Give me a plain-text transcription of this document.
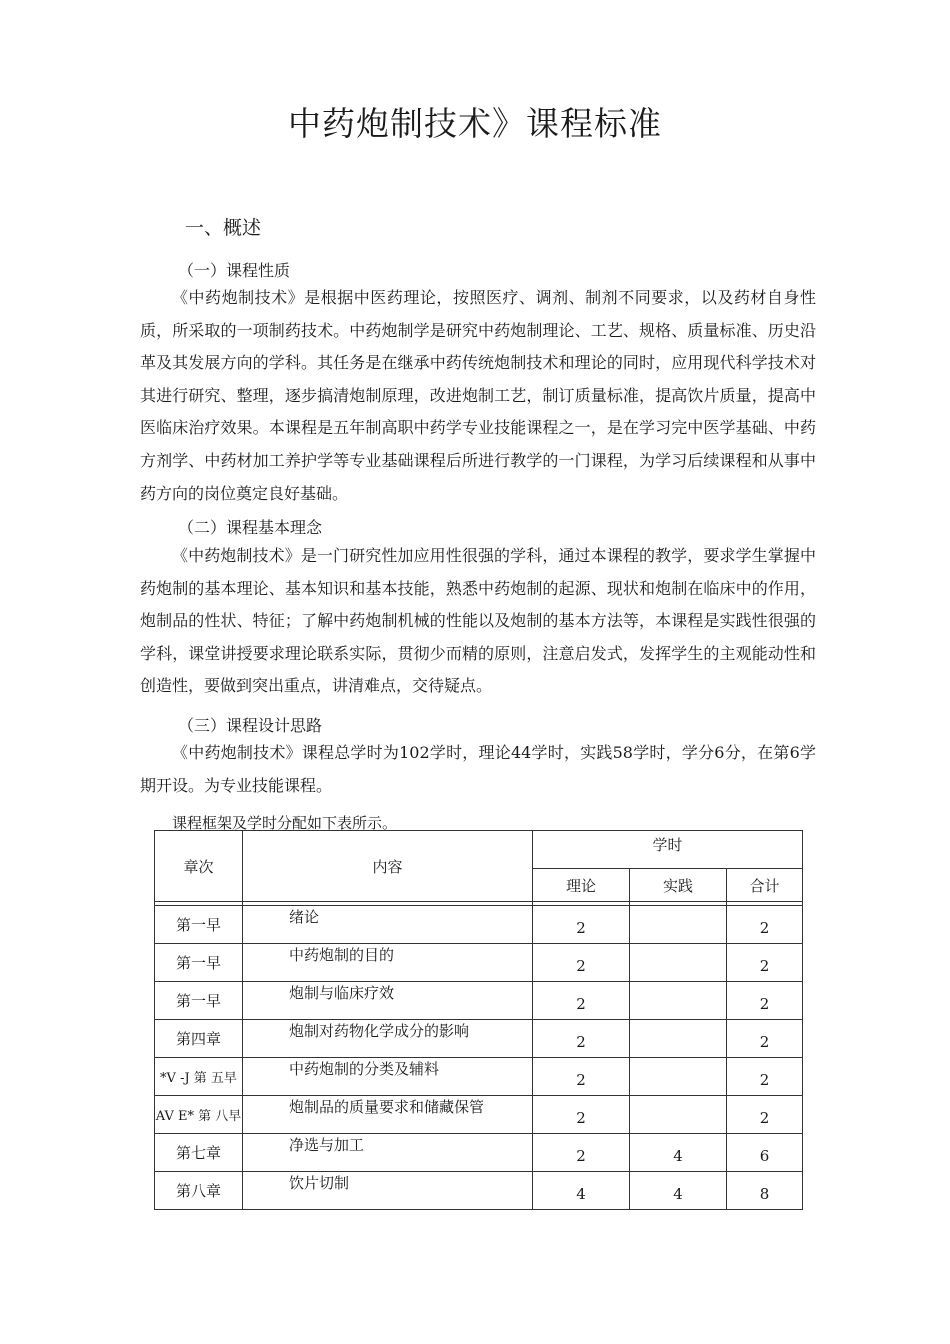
中药炮制技术》课程标准
一、概述
（一）课程性质

《中药炮制技术》是根据中医药理论，按照医疗、调剂、制剂不同要求，以及药材自身性质，所采取的一项制药技术。中药炮制学是研究中药炮制理论、工艺、规格、质量标准、历史沿革及其发展方向的学科。其任务是在继承中药传统炮制技术和理论的同时，应用现代科学技术对其进行研究、整理，逐步搞清炮制原理，改进炮制工艺，制订质量标准，提高饮片质量，提高中医临床治疗效果。本课程是五年制高职中药学专业技能课程之一，是在学习完中医学基础、中药方剂学、中药材加工养护学等专业基础课程后所进行教学的一门课程，为学习后续课程和从事中药方向的岗位奠定良好基础。

（二）课程基本理念

《中药炮制技术》是一门研究性加应用性很强的学科，通过本课程的教学，要求学生掌握中药炮制的基本理论、基本知识和基本技能，熟悉中药炮制的起源、现状和炮制在临床中的作用，炮制品的性状、特征；了解中药炮制机械的性能以及炮制的基本方法等，本课程是实践性很强的学科，课堂讲授要求理论联系实际，贯彻少而精的原则，注意启发式，发挥学生的主观能动性和创造性，要做到突出重点，讲清难点，交待疑点。

（三）课程设计思路

《中药炮制技术》课程总学时为102学时，理论44学时，实践58学时，学分6分，在第6学期开设。为专业技能课程。

课程框架及学时分配如下表所示。
章次	内容	学时		
		理论	实践	合计

第一早	绪论	2		2
第一早	中药炮制的目的	2		2
第一早	炮制与临床疗效	2		2
第四章	炮制对药物化学成分的影响	2		2
*V -J 第 五早	中药炮制的分类及辅料	2		2
AV E* 第 八早	炮制品的质量要求和储藏保管	2		2
第七章	净选与加工	2	4	6
第八章	饮片切制	4	4	8
